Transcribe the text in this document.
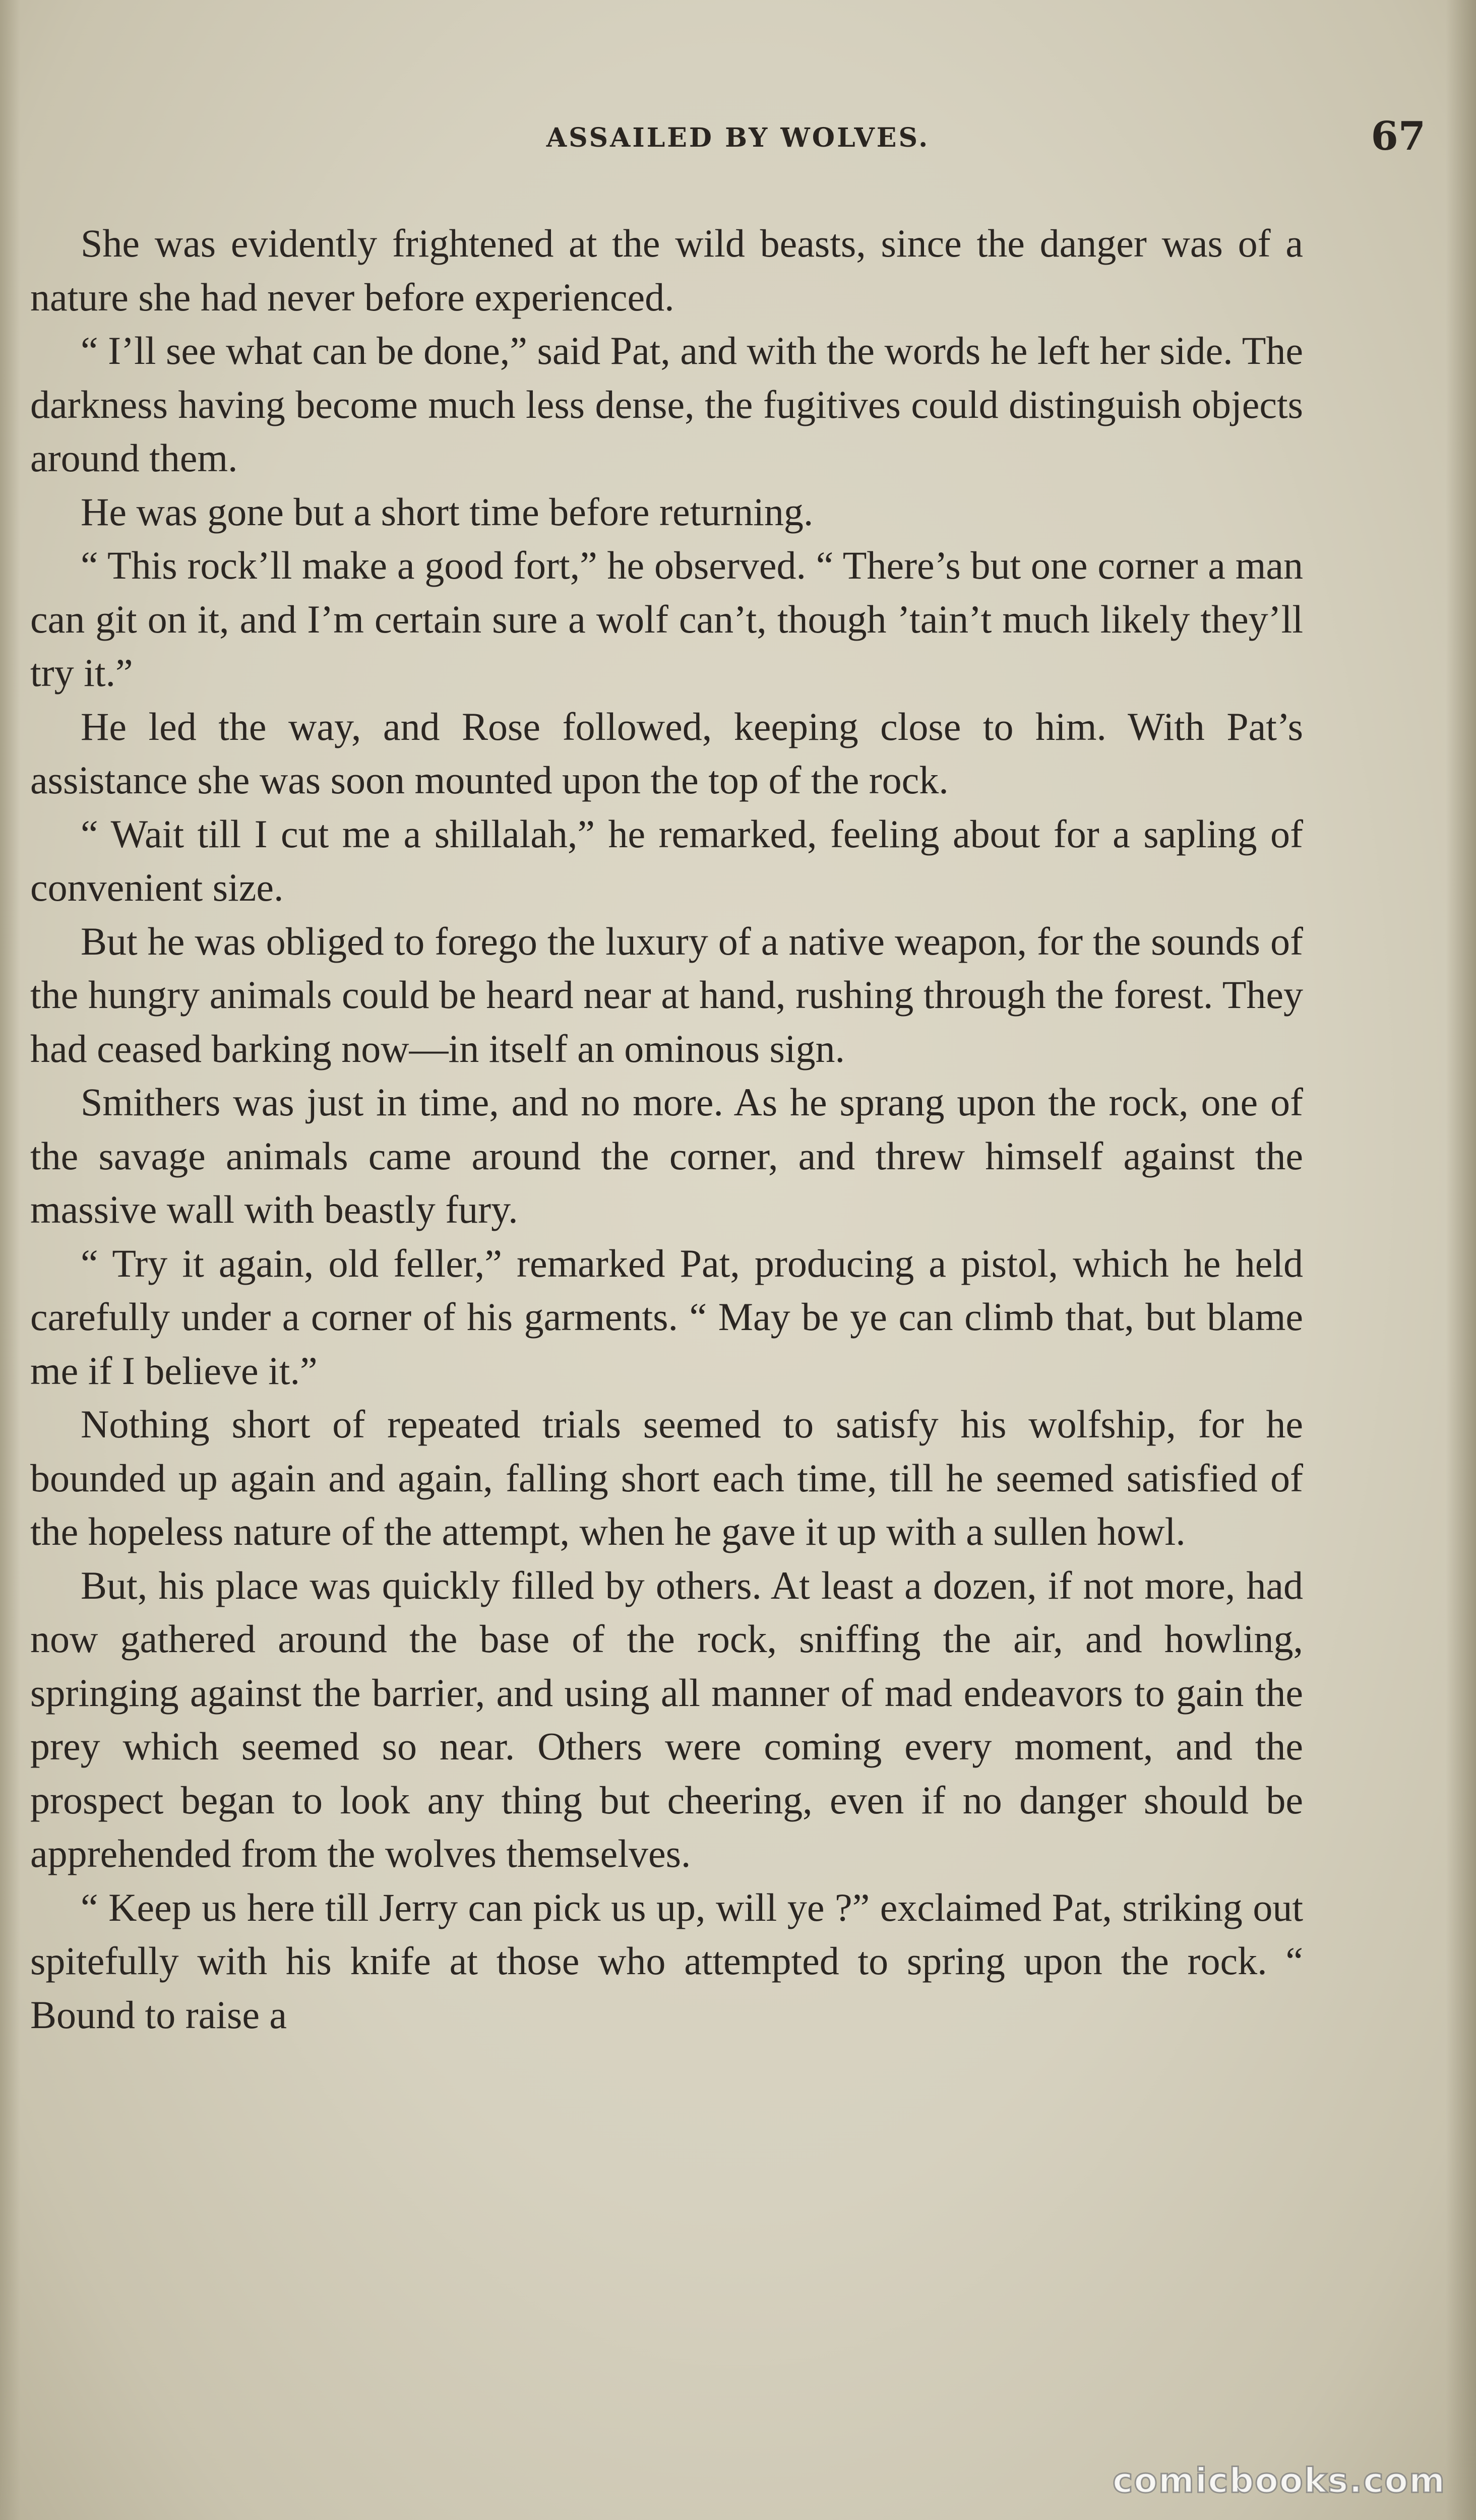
ASSAILED BY WOLVES.	67

She was evidently frightened at the wild beasts, since the danger was of a nature she had never before experienced.

“ I’ll see what can be done,” said Pat, and with the words he left her side. The darkness having become much less dense, the fugitives could distinguish objects around them.

He was gone but a short time before returning.

“ This rock’ll make a good fort,” he observed. “ There’s but one corner a man can git on it, and I’m certain sure a wolf can’t, though ’tain’t much likely they’ll try it.”

He led the way, and Rose followed, keeping close to him. With Pat’s assistance she was soon mounted upon the top of the rock.

“ Wait till I cut me a shillalah,” he remarked, feeling about for a sapling of convenient size.

But he was obliged to forego the luxury of a native weapon, for the sounds of the hungry animals could be heard near at hand, rushing through the forest. They had ceased barking now—in itself an ominous sign.

Smithers was just in time, and no more. As he sprang upon the rock, one of the savage animals came around the corner, and threw himself against the massive wall with beastly fury.

“ Try it again, old feller,” remarked Pat, producing a pistol, which he held carefully under a corner of his garments. “ May be ye can climb that, but blame me if I believe it.”

Nothing short of repeated trials seemed to satisfy his wolfship, for he bounded up again and again, falling short each time, till he seemed satisfied of the hopeless nature of the attempt, when he gave it up with a sullen howl.

But, his place was quickly filled by others. At least a dozen, if not more, had now gathered around the base of the rock, sniffing the air, and howling, springing against the barrier, and using all manner of mad endeavors to gain the prey which seemed so near. Others were coming every moment, and the prospect began to look any thing but cheering, even if no danger should be apprehended from the wolves themselves.

“ Keep us here till Jerry can pick us up, will ye ?” exclaimed Pat, striking out spitefully with his knife at those who attempted to spring upon the rock. “ Bound to raise a

comicbooks.com
